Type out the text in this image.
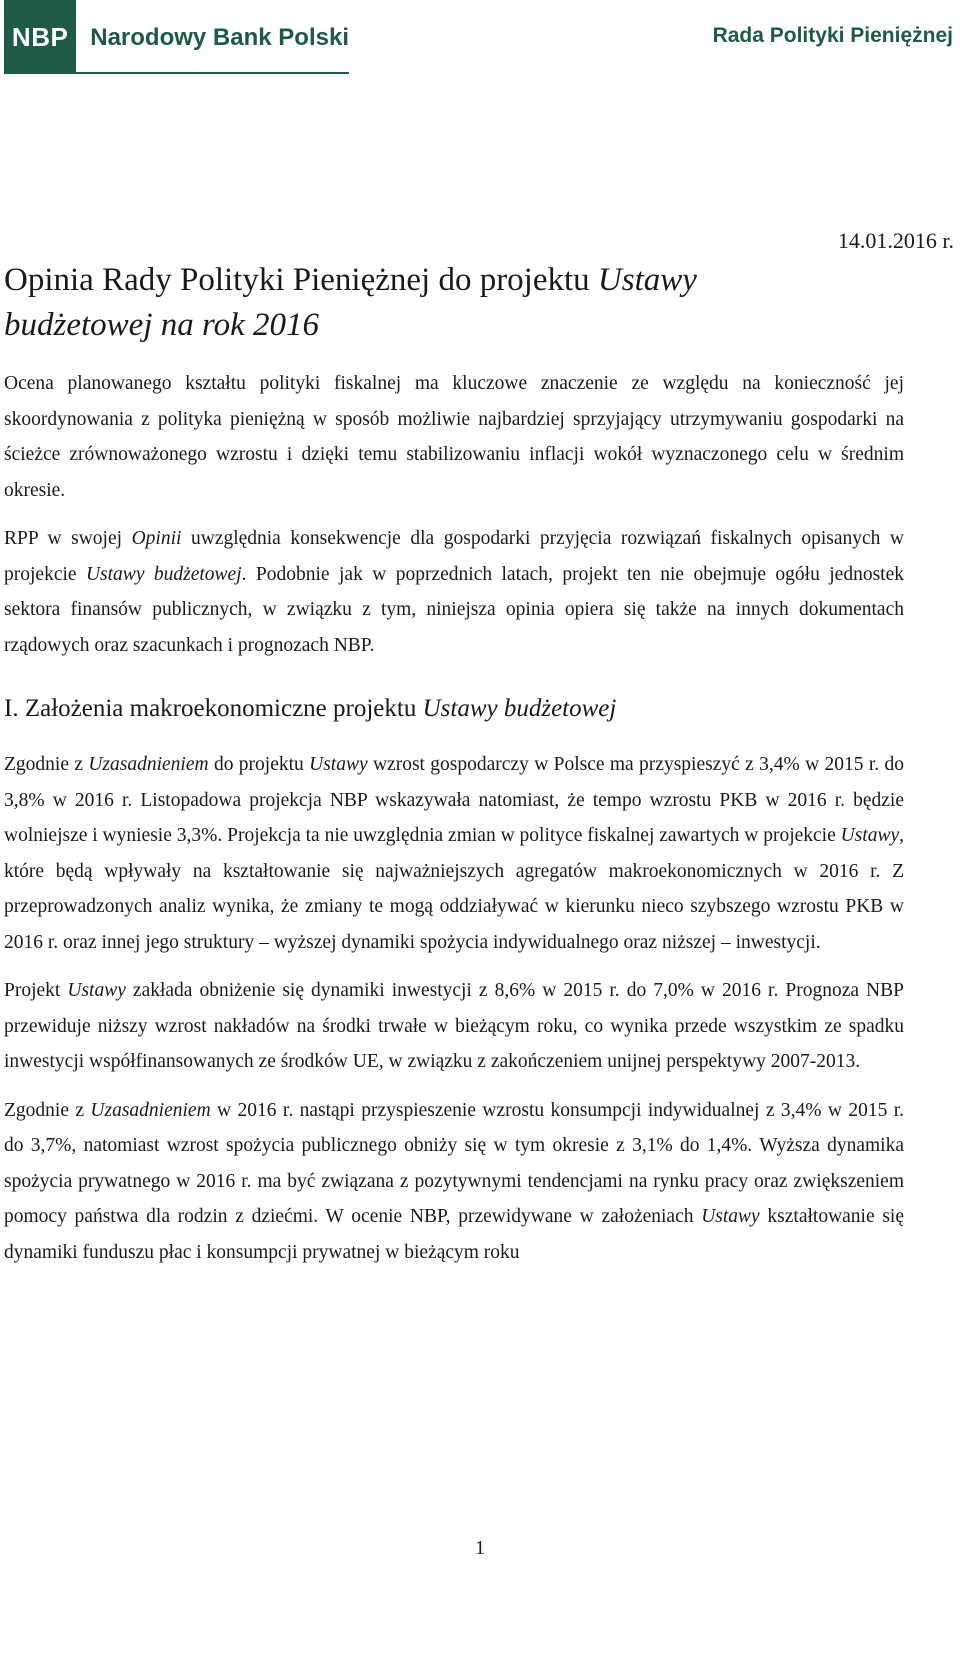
NBP Narodowy Bank Polski	Rada Polityki Pieniężnej
14.01.2016 r.
Opinia Rady Polityki Pieniężnej do projektu Ustawy
budżetowej na rok 2016

Ocena planowanego kształtu polityki fiskalnej ma kluczowe znaczenie ze względu na konieczność jej skoordynowania z polityka pieniężną w sposób możliwie najbardziej sprzyjający utrzymywaniu gospodarki na ścieżce zrównoważonego wzrostu i dzięki temu stabilizowaniu inflacji wokół wyznaczonego celu w średnim okresie.

RPP w swojej Opinii uwzględnia konsekwencje dla gospodarki przyjęcia rozwiązań fiskalnych opisanych w projekcie Ustawy budżetowej. Podobnie jak w poprzednich latach, projekt ten nie obejmuje ogółu jednostek sektora finansów publicznych, w związku z tym, niniejsza opinia opiera się także na innych dokumentach rządowych oraz szacunkach i prognozach NBP.

I. Założenia makroekonomiczne projektu Ustawy budżetowej

Zgodnie z Uzasadnieniem do projektu Ustawy wzrost gospodarczy w Polsce ma przyspieszyć z 3,4% w 2015 r. do 3,8% w 2016 r. Listopadowa projekcja NBP wskazywała natomiast, że tempo wzrostu PKB w 2016 r. będzie wolniejsze i wyniesie 3,3%. Projekcja ta nie uwzględnia zmian w polityce fiskalnej zawartych w projekcie Ustawy, które będą wpływały na kształtowanie się najważniejszych agregatów makroekonomicznych w 2016 r. Z przeprowadzonych analiz wynika, że zmiany te mogą oddziaływać w kierunku nieco szybszego wzrostu PKB w 2016 r. oraz innej jego struktury – wyższej dynamiki spożycia indywidualnego oraz niższej – inwestycji.

Projekt Ustawy zakłada obniżenie się dynamiki inwestycji z 8,6% w 2015 r. do 7,0% w 2016 r. Prognoza NBP przewiduje niższy wzrost nakładów na środki trwałe w bieżącym roku, co wynika przede wszystkim ze spadku inwestycji współfinansowanych ze środków UE, w związku z zakończeniem unijnej perspektywy 2007-2013.

Zgodnie z Uzasadnieniem w 2016 r. nastąpi przyspieszenie wzrostu konsumpcji indywidualnej z 3,4% w 2015 r. do 3,7%, natomiast wzrost spożycia publicznego obniży się w tym okresie z 3,1% do 1,4%. Wyższa dynamika spożycia prywatnego w 2016 r. ma być związana z pozytywnymi tendencjami na rynku pracy oraz zwiększeniem pomocy państwa dla rodzin z dziećmi. W ocenie NBP, przewidywane w założeniach Ustawy kształtowanie się dynamiki funduszu płac i konsumpcji prywatnej w bieżącym roku

1
